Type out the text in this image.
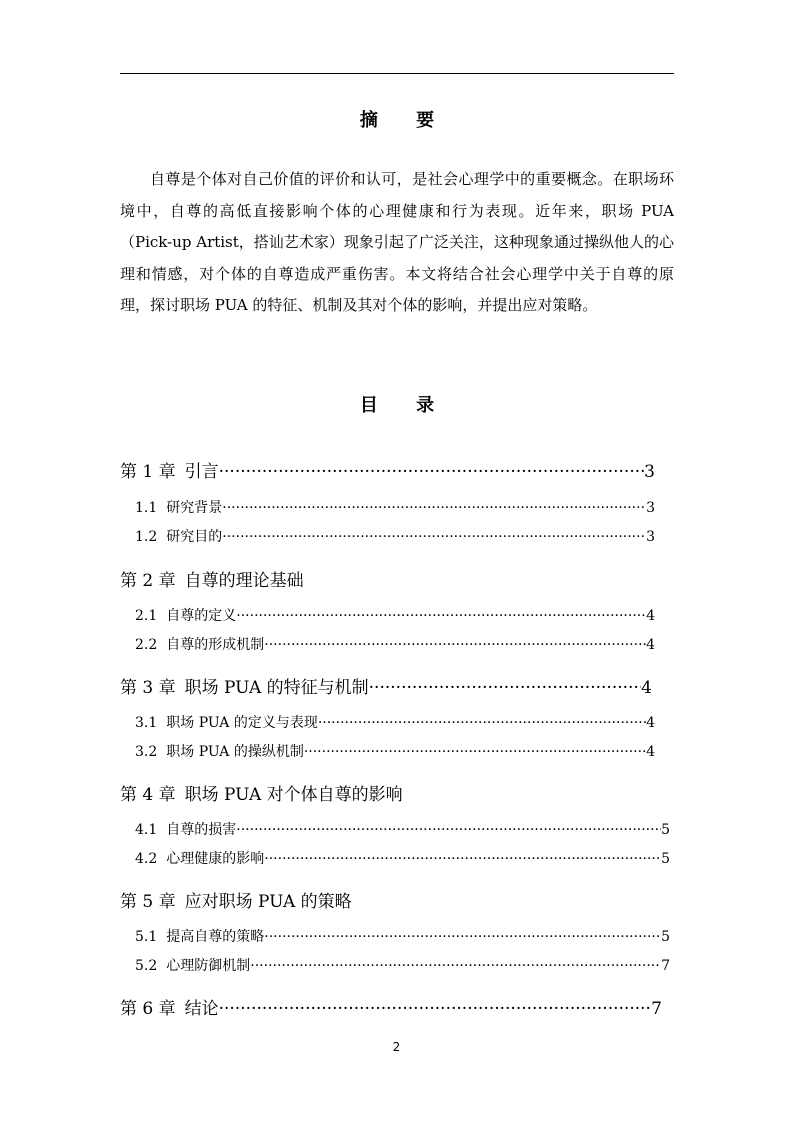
摘 要

自尊是个体对自己价值的评价和认可，是社会心理学中的重要概念。在职场环境中，自尊的高低直接影响个体的心理健康和行为表现。近年来，职场 PUA（Pick-up Artist，搭讪艺术家）现象引起了广泛关注，这种现象通过操纵他人的心理和情感，对个体的自尊造成严重伤害。本文将结合社会心理学中关于自尊的原理，探讨职场 PUA 的特征、机制及其对个体的影响，并提出应对策略。

目 录
第 1 章 引言 ·····	3
1.1 研究背景 ·····	3
1.2 研究目的 ·····	3
第 2 章 自尊的理论基础
2.1 自尊的定义 ·····	4
2.2 自尊的形成机制 ·····	4
第 3 章 职场 PUA 的特征与机制 ·····	4
3.1 职场 PUA 的定义与表现 ·····	4
3.2 职场 PUA 的操纵机制 ·····	4
第 4 章 职场 PUA 对个体自尊的影响
4.1 自尊的损害 ·····	5
4.2 心理健康的影响 ·····	5
第 5 章 应对职场 PUA 的策略
5.1 提高自尊的策略 ·····	5
5.2 心理防御机制 ·····	7
第 6 章 结论 ·····	7
2
